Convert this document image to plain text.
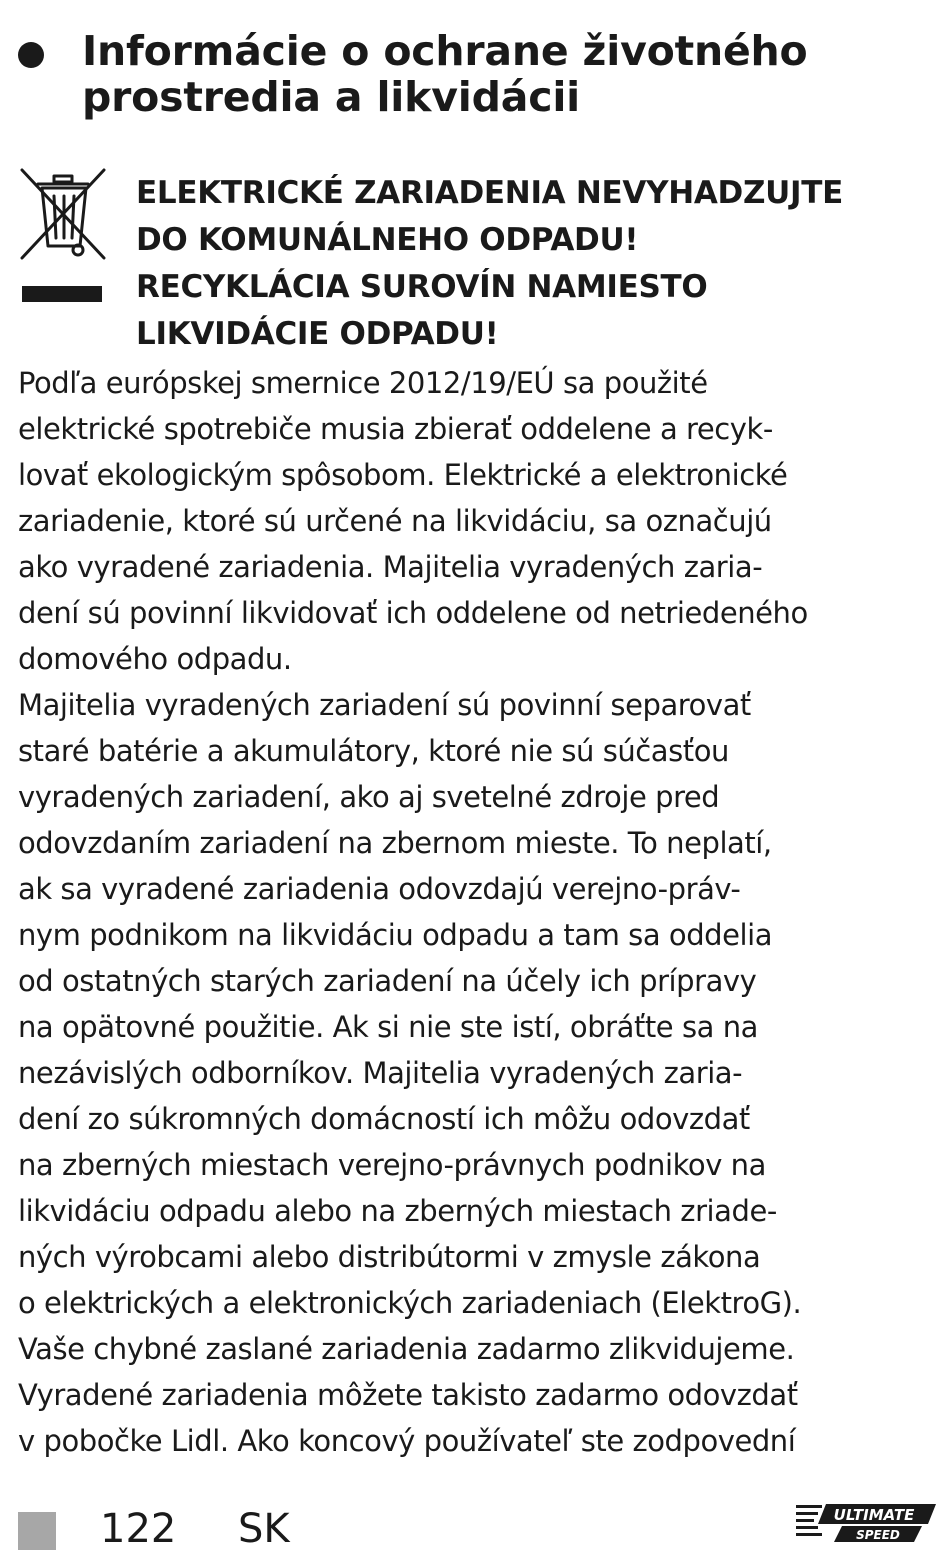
Informácie o ochrane životného
prostredia a likvidácii
ELEKTRICKÉ ZARIADENIA NEVYHADZUJTE
DO KOMUNÁLNEHO ODPADU!
RECYKLÁCIA SUROVÍN NAMIESTO
LIKVIDÁCIE ODPADU!

Podľa európskej smernice 2012/19/EÚ sa použité
elektrické spotrebiče musia zbierať oddelene a recyk-
lovať ekologickým spôsobom. Elektrické a elektronické
zariadenie, ktoré sú určené na likvidáciu, sa označujú
ako vyradené zariadenia. Majitelia vyradených zaria-
dení sú povinní likvidovať ich oddelene od netriedeného
domového odpadu.

Majitelia vyradených zariadení sú povinní separovať
staré batérie a akumulátory, ktoré nie sú súčasťou
vyradených zariadení, ako aj svetelné zdroje pred
odovzdaním zariadení na zbernom mieste. To neplatí,
ak sa vyradené zariadenia odovzdajú verejno-práv-
nym podnikom na likvidáciu odpadu a tam sa oddelia
od ostatných starých zariadení na účely ich prípravy
na opätovné použitie. Ak si nie ste istí, obráťte sa na
nezávislých odborníkov. Majitelia vyradených zaria-
dení zo súkromných domácností ich môžu odovzdať
na zberných miestach verejno-právnych podnikov na
likvidáciu odpadu alebo na zberných miestach zriade-
ných výrobcami alebo distribútormi v zmysle zákona
o elektrických a elektronických zariadeniach (ElektroG).
Vaše chybné zaslané zariadenia zadarmo zlikvidujeme.
Vyradené zariadenia môžete takisto zadarmo odovzdať
v pobočke Lidl. Ako koncový používateľ ste zodpovední

122 SK	ULTIMATE
SPEED
